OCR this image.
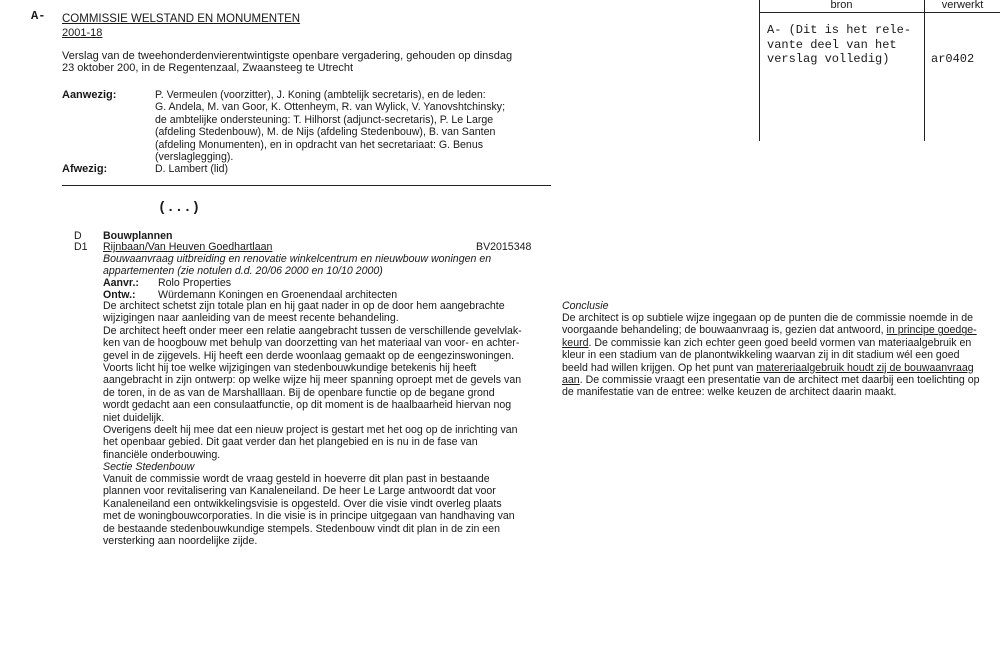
A- COMMISSIE WELSTAND EN MONUMENTEN
2001-18
Verslag van de tweehonderdenvierentwintigste openbare vergadering, gehouden op dinsdag
23 oktober 200, in de Regentenzaal, Zwaansteeg te Utrecht
bron	verwerkt
A- (Dit is het rele-
vante deel van het
verslag volledig)	ar0402
Aanwezig:	P. Vermeulen (voorzitter), J. Koning (ambtelijk secretaris), en de leden:
G. Andela, M. van Goor, K. Ottenheym, R. van Wylick, V. Yanovshtchinsky;
de ambtelijke ondersteuning: T. Hilhorst (adjunct-secretaris), P. Le Large
(afdeling Stedenbouw), M. de Nijs (afdeling Stedenbouw), B. van Santen
(afdeling Monumenten), en in opdracht van het secretariaat: G. Benus
(verslaglegging).
Afwezig:	D. Lambert (lid)
(...)
D Bouwplannen
D1 Rijnbaan/Van Heuven Goedhartlaan	BV2015348
Bouwaanvraag uitbreiding en renovatie winkelcentrum en nieuwbouw woningen en
appartementen (zie notulen d.d. 20/06 2000 en 10/10 2000)
Aanvr.: Rolo Properties
Ontw.: Würdemann Koningen en Groenendaal architecten
De architect schetst zijn totale plan en hij gaat nader in op de door hem aangebrachte
wijzigingen naar aanleiding van de meest recente behandeling.
De architect heeft onder meer een relatie aangebracht tussen de verschillende gevelvlak-
ken van de hoogbouw met behulp van doorzetting van het materiaal van voor- en achter-
gevel in de zijgevels. Hij heeft een derde woonlaag gemaakt op de eengezinswoningen.
Voorts licht hij toe welke wijzigingen van stedenbouwkundige betekenis hij heeft
aangebracht in zijn ontwerp: op welke wijze hij meer spanning oproept met de gevels van
de toren, in de as van de Marshalllaan. Bij de openbare functie op de begane grond
wordt gedacht aan een consulaatfunctie, op dit moment is de haalbaarheid hiervan nog
niet duidelijk.
Overigens deelt hij mee dat een nieuw project is gestart met het oog op de inrichting van
het openbaar gebied. Dit gaat verder dan het plangebied en is nu in de fase van
financiële onderbouwing.
Sectie Stedenbouw
Vanuit de commissie wordt de vraag gesteld in hoeverre dit plan past in bestaande
plannen voor revitalisering van Kanaleneiland. De heer Le Large antwoordt dat voor
Kanaleneiland een ontwikkelingsvisie is opgesteld. Over die visie vindt overleg plaats
met de woningbouwcorporaties. In die visie is in principe uitgegaan van handhaving van
de bestaande stedenbouwkundige stempels. Stedenbouw vindt dit plan in de zin een
versterking aan noordelijke zijde.
Conclusie
De architect is op subtiele wijze ingegaan op de punten die de commissie noemde in de
voorgaande behandeling; de bouwaanvraag is, gezien dat antwoord, in principe goedge-
keurd. De commissie kan zich echter geen goed beeld vormen van materiaalgebruik en
kleur in een stadium van de planontwikkeling waarvan zij in dit stadium wél een goed
beeld had willen krijgen. Op het punt van matereriaalgebruik houdt zij de bouwaanvraag
aan. De commissie vraagt een presentatie van de architect met daarbij een toelichting op
de manifestatie van de entree: welke keuzen de architect daarin maakt.
